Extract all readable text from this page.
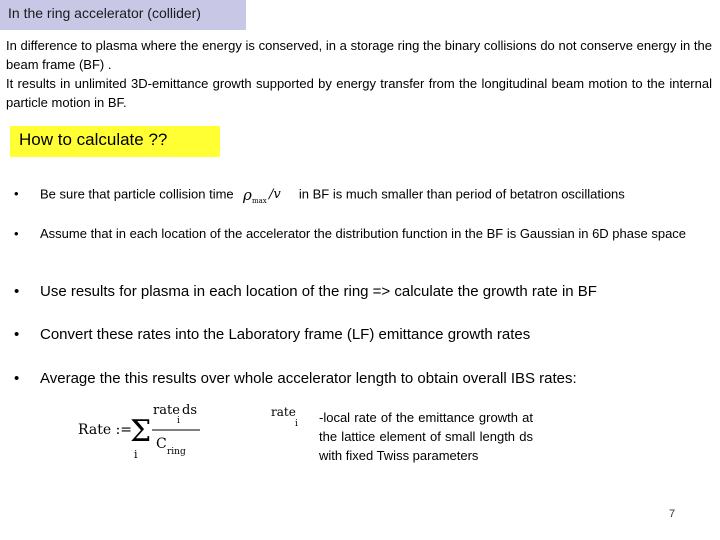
In the ring accelerator (collider)

In difference to plasma where the energy is conserved, in a storage ring the binary collisions do not conserve energy in the beam frame (BF) .

It results in unlimited 3D-emittance growth supported by energy transfer from the longitudinal beam motion to the internal particle motion in BF.

How to calculate ??
• Be sure that particle collision time ρ max /v in BF is much smaller than period of betatron oscillations
• Assume that in each location of the accelerator the distribution function in the BF is Gaussian in 6D phase space
• Use results for plasma in each location of the ring => calculate the growth rate in BF
• Convert these rates into the Laboratory frame (LF) emittance growth rates
• Average the this results over whole accelerator length to obtain overall IBS rates:
Rate :=
Σ
i
rate
i
ds
C ring
rate
i -local rate of the emittance growth at the lattice element of small length ds with fixed Twiss parameters
7
